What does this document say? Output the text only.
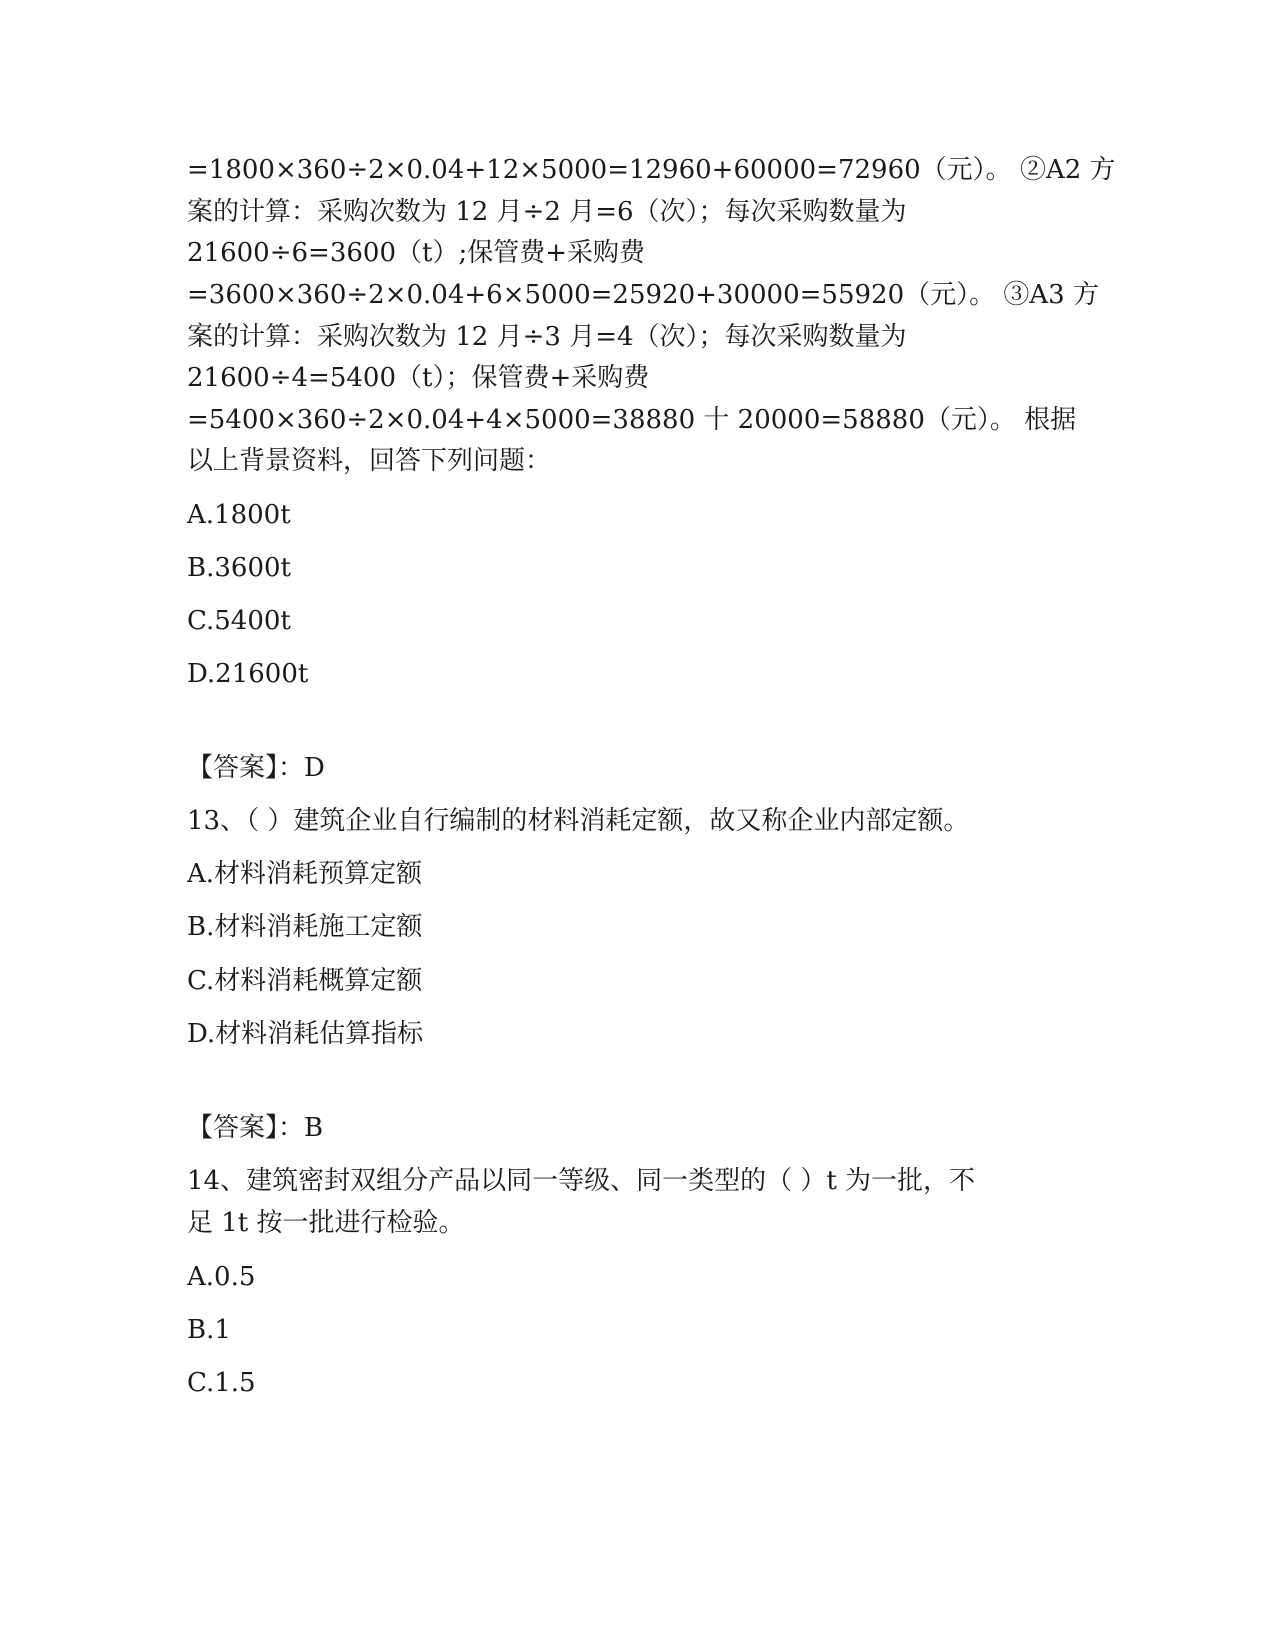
=1800×360÷2×0.04+12×5000=12960+60000=72960（元）。 ②A2 方
案的计算：采购次数为 12 月÷2 月=6（次）；每次采购数量为
21600÷6=3600（t）;保管费+采购费
=3600×360÷2×0.04+6×5000=25920+30000=55920（元）。 ③A3 方
案的计算：采购次数为 12 月÷3 月=4（次）；每次采购数量为
21600÷4=5400（t）；保管费+采购费
=5400×360÷2×0.04+4×5000=38880 十 20000=58880（元）。 根据
以上背景资料，回答下列问题：
A.1800t
B.3600t
C.5400t
D.21600t
【答案】：D
13、（ ）建筑企业自行编制的材料消耗定额，故又称企业内部定额。
A.材料消耗预算定额
B.材料消耗施工定额
C.材料消耗概算定额
D.材料消耗估算指标
【答案】：B
14、建筑密封双组分产品以同一等级、同一类型的（ ）t 为一批，不
足 1t 按一批进行检验。
A.0.5
B.1
C.1.5
